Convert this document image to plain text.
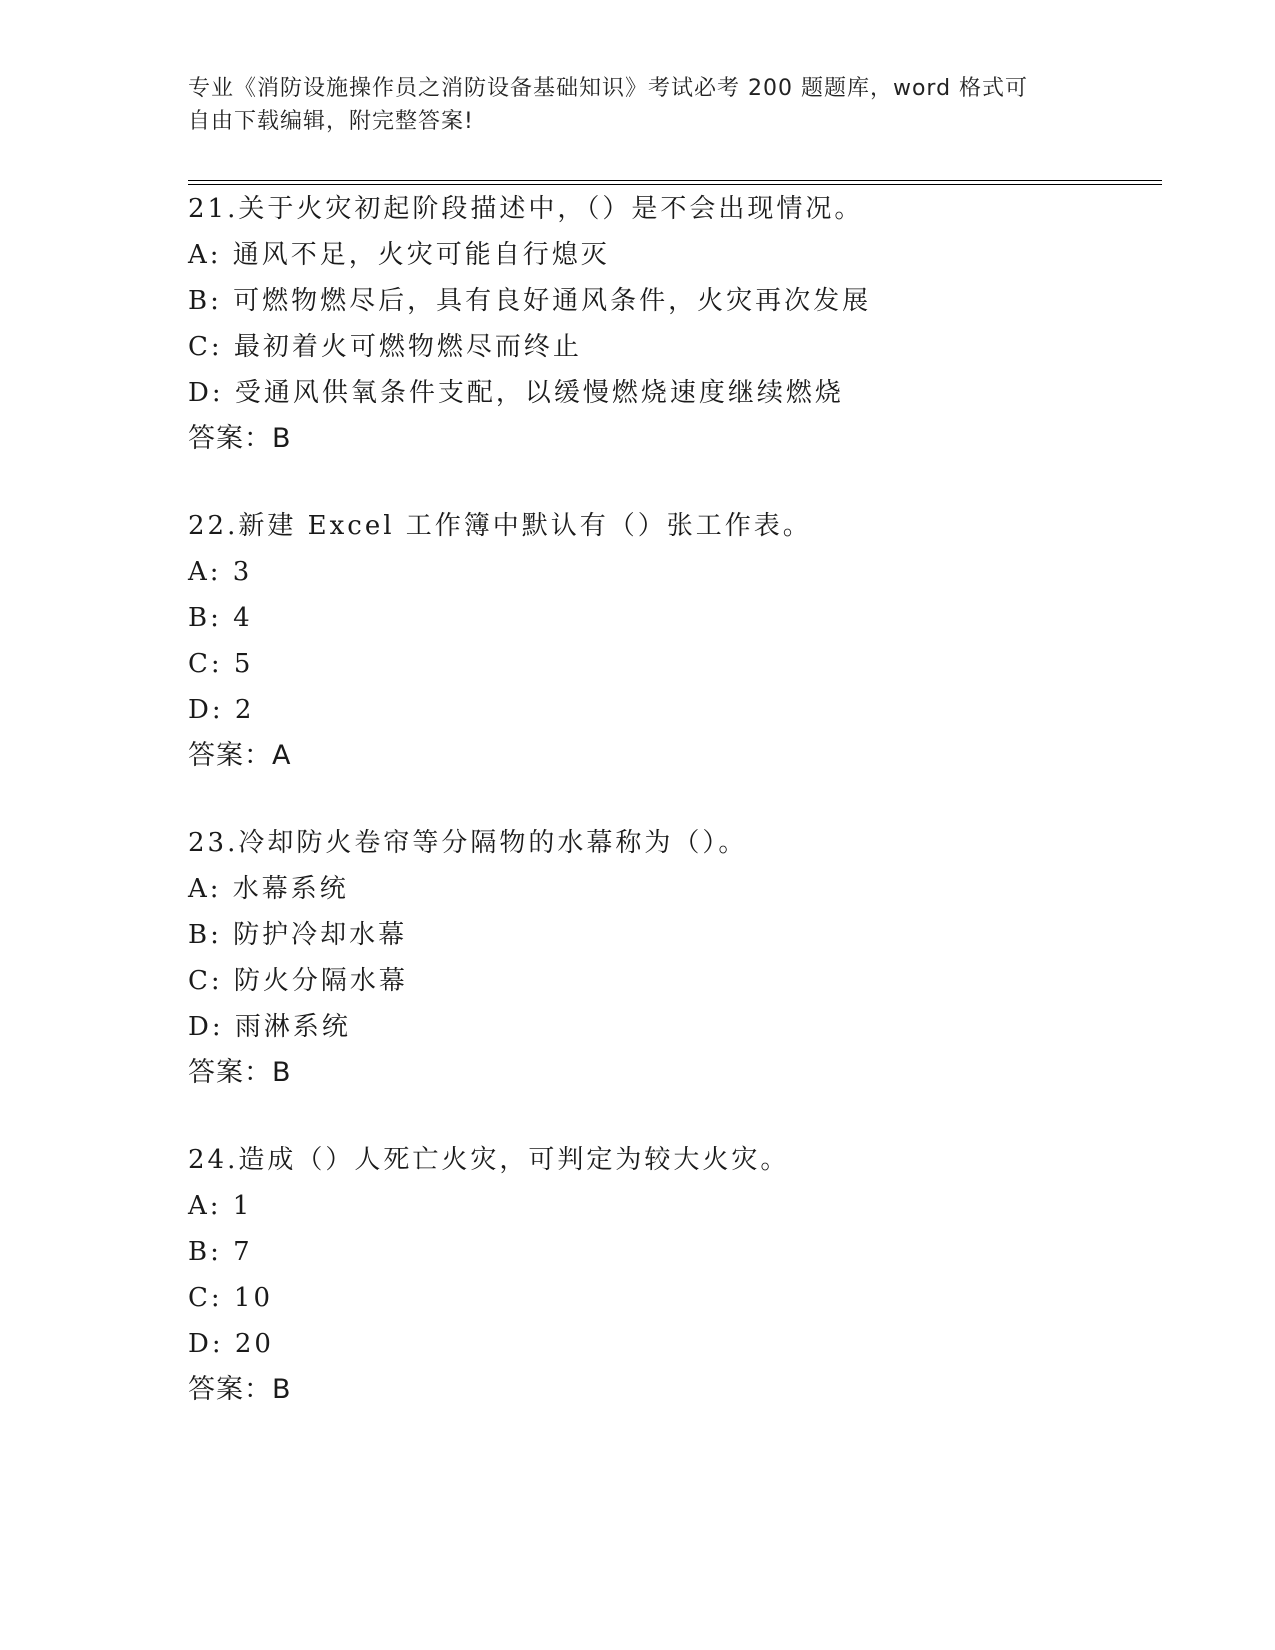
专业《消防设施操作员之消防设备基础知识》考试必考 200 题题库，word 格式可
自由下载编辑，附完整答案!
21.关于火灾初起阶段描述中，（）是不会出现情况。
A: 通风不足，火灾可能自行熄灭
B: 可燃物燃尽后，具有良好通风条件，火灾再次发展
C: 最初着火可燃物燃尽而终止
D: 受通风供氧条件支配，以缓慢燃烧速度继续燃烧
答案：B
22.新建 Excel 工作簿中默认有（）张工作表。
A: 3
B: 4
C: 5
D: 2
答案：A
23.冷却防火卷帘等分隔物的水幕称为（）。
A: 水幕系统
B: 防护冷却水幕
C: 防火分隔水幕
D: 雨淋系统
答案：B
24.造成（）人死亡火灾，可判定为较大火灾。
A: 1
B: 7
C: 10
D: 20
答案：B
